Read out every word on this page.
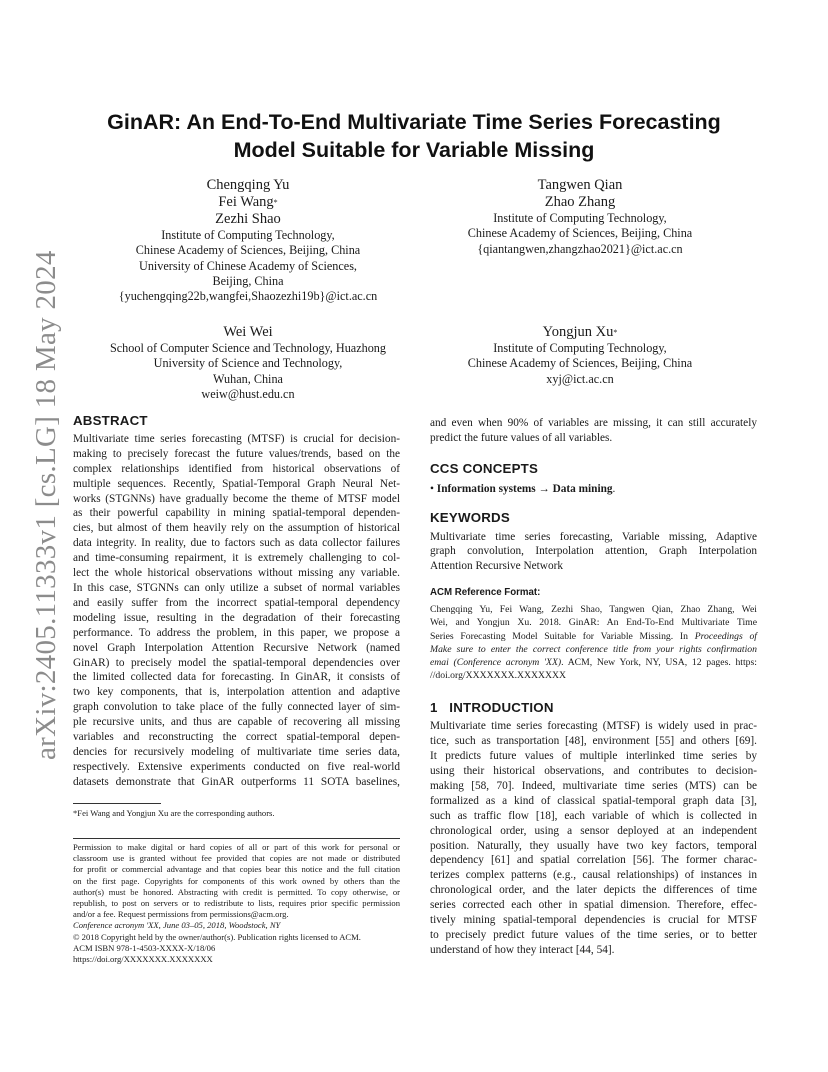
arXiv:2405.11333v1 [cs.LG] 18 May 2024
GinAR: An End-To-End Multivariate Time Series Forecasting
Model Suitable for Variable Missing
Chengqing Yu
Fei Wang*
Zezhi Shao
Institute of Computing Technology,
Chinese Academy of Sciences, Beijing, China
University of Chinese Academy of Sciences,
Beijing, China
{yuchengqing22b,wangfei,Shaozezhi19b}@ict.ac.cn
Tangwen Qian
Zhao Zhang
Institute of Computing Technology,
Chinese Academy of Sciences, Beijing, China
{qiantangwen,zhangzhao2021}@ict.ac.cn
Wei Wei
School of Computer Science and Technology, Huazhong
University of Science and Technology,
Wuhan, China
weiw@hust.edu.cn
Yongjun Xu*
Institute of Computing Technology,
Chinese Academy of Sciences, Beijing, China
xyj@ict.ac.cn
ABSTRACT
Multivariate time series forecasting (MTSF) is crucial for decision-
making to precisely forecast the future values/trends, based on the
complex relationships identified from historical observations of
multiple sequences. Recently, Spatial-Temporal Graph Neural Net-
works (STGNNs) have gradually become the theme of MTSF model
as their powerful capability in mining spatial-temporal dependen-
cies, but almost of them heavily rely on the assumption of historical
data integrity. In reality, due to factors such as data collector failures
and time-consuming repairment, it is extremely challenging to col-
lect the whole historical observations without missing any variable.
In this case, STGNNs can only utilize a subset of normal variables
and easily suffer from the incorrect spatial-temporal dependency
modeling issue, resulting in the degradation of their forecasting
performance. To address the problem, in this paper, we propose a
novel Graph Interpolation Attention Recursive Network (named
GinAR) to precisely model the spatial-temporal dependencies over
the limited collected data for forecasting. In GinAR, it consists of
two key components, that is, interpolation attention and adaptive
graph convolution to take place of the fully connected layer of sim-
ple recursive units, and thus are capable of recovering all missing
variables and reconstructing the correct spatial-temporal depen-
dencies for recursively modeling of multivariate time series data,
respectively. Extensive experiments conducted on five real-world
datasets demonstrate that GinAR outperforms 11 SOTA baselines,
*Fei Wang and Yongjun Xu are the corresponding authors.
Permission to make digital or hard copies of all or part of this work for personal or
classroom use is granted without fee provided that copies are not made or distributed
for profit or commercial advantage and that copies bear this notice and the full citation
on the first page. Copyrights for components of this work owned by others than the
author(s) must be honored. Abstracting with credit is permitted. To copy otherwise, or
republish, to post on servers or to redistribute to lists, requires prior specific permission
and/or a fee. Request permissions from permissions@acm.org.
Conference acronym 'XX, June 03–05, 2018, Woodstock, NY
© 2018 Copyright held by the owner/author(s). Publication rights licensed to ACM.
ACM ISBN 978-1-4503-XXXX-X/18/06
https://doi.org/XXXXXXX.XXXXXXX
and even when 90% of variables are missing, it can still accurately
predict the future values of all variables.
CCS CONCEPTS
• Information systems → Data mining.
KEYWORDS
Multivariate time series forecasting, Variable missing, Adaptive
graph convolution, Interpolation attention, Graph Interpolation
Attention Recursive Network
ACM Reference Format:
Chengqing Yu, Fei Wang, Zezhi Shao, Tangwen Qian, Zhao Zhang, Wei
Wei, and Yongjun Xu. 2018. GinAR: An End-To-End Multivariate Time
Series Forecasting Model Suitable for Variable Missing. In Proceedings of
Make sure to enter the correct conference title from your rights confirmation
emai (Conference acronym 'XX). ACM, New York, NY, USA, 12 pages. https:
//doi.org/XXXXXXX.XXXXXXX
1 INTRODUCTION
Multivariate time series forecasting (MTSF) is widely used in prac-
tice, such as transportation [48], environment [55] and others [69].
It predicts future values of multiple interlinked time series by
using their historical observations, and contributes to decision-
making [58, 70]. Indeed, multivariate time series (MTS) can be
formalized as a kind of classical spatial-temporal graph data [3],
such as traffic flow [18], each variable of which is collected in
chronological order, using a sensor deployed at an independent
position. Naturally, they usually have two key factors, temporal
dependency [61] and spatial correlation [56]. The former charac-
terizes complex patterns (e.g., causal relationships) of instances in
chronological order, and the later depicts the differences of time
series corrected each other in spatial dimension. Therefore, effec-
tively mining spatial-temporal dependencies is crucial for MTSF
to precisely predict future values of the time series, or to better
understand of how they interact [44, 54].
